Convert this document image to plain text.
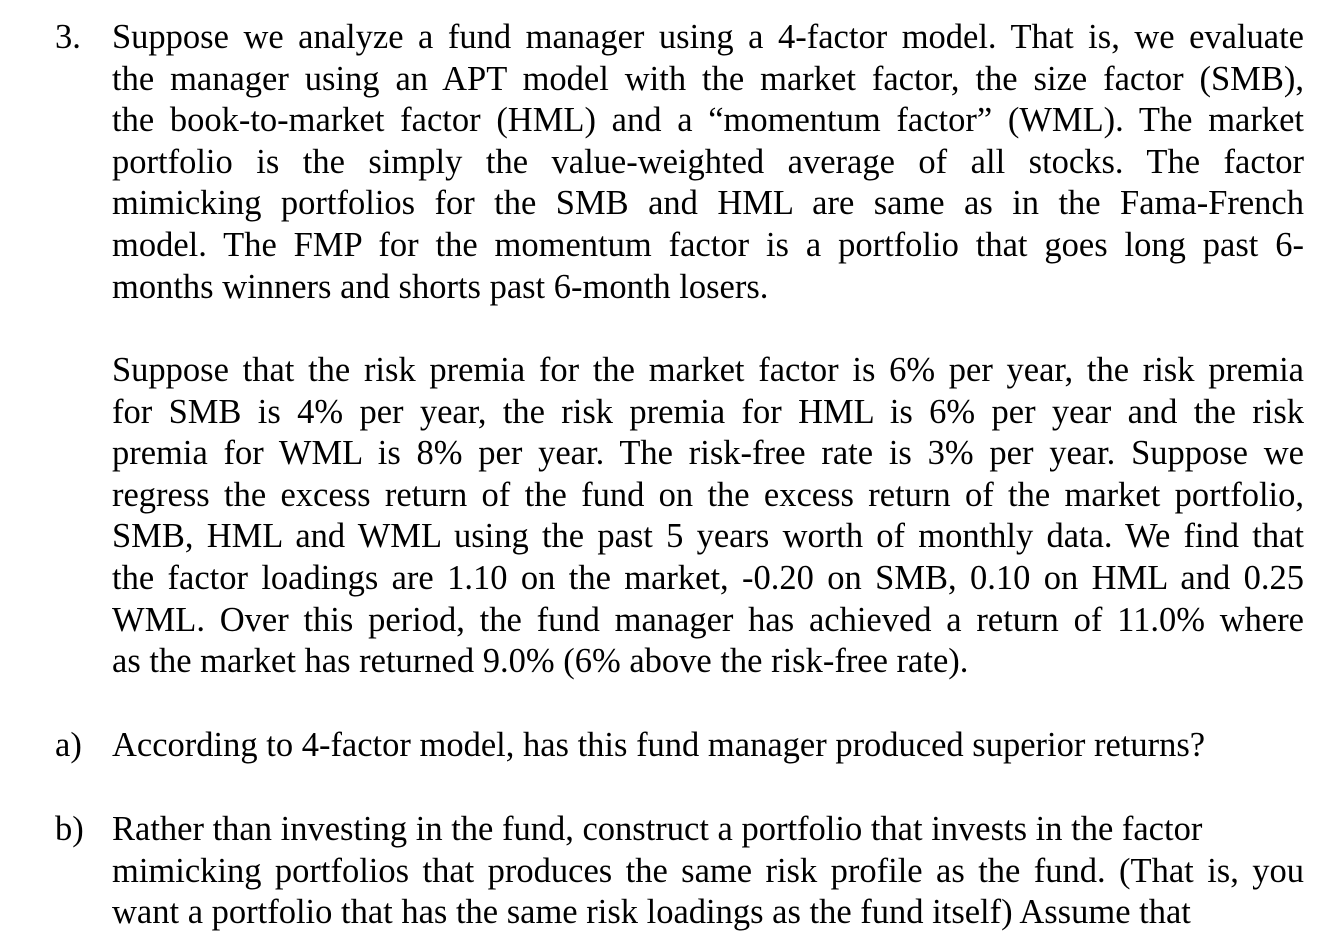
3. Suppose we analyze a fund manager using a 4-factor model. That is, we evaluate
the manager using an APT model with the market factor, the size factor (SMB),
the book-to-market factor (HML) and a “momentum factor” (WML). The market
portfolio is the simply the value-weighted average of all stocks. The factor
mimicking portfolios for the SMB and HML are same as in the Fama-French
model. The FMP for the momentum factor is a portfolio that goes long past 6-
months winners and shorts past 6-month losers.
Suppose that the risk premia for the market factor is 6% per year, the risk premia
for SMB is 4% per year, the risk premia for HML is 6% per year and the risk
premia for WML is 8% per year. The risk-free rate is 3% per year. Suppose we
regress the excess return of the fund on the excess return of the market portfolio,
SMB, HML and WML using the past 5 years worth of monthly data. We find that
the factor loadings are 1.10 on the market, -0.20 on SMB, 0.10 on HML and 0.25
WML. Over this period, the fund manager has achieved a return of 11.0% where
as the market has returned 9.0% (6% above the risk-free rate).
a) According to 4-factor model, has this fund manager produced superior returns?
b) Rather than investing in the fund, construct a portfolio that invests in the factor
mimicking portfolios that produces the same risk profile as the fund. (That is, you
want a portfolio that has the same risk loadings as the fund itself) Assume that
